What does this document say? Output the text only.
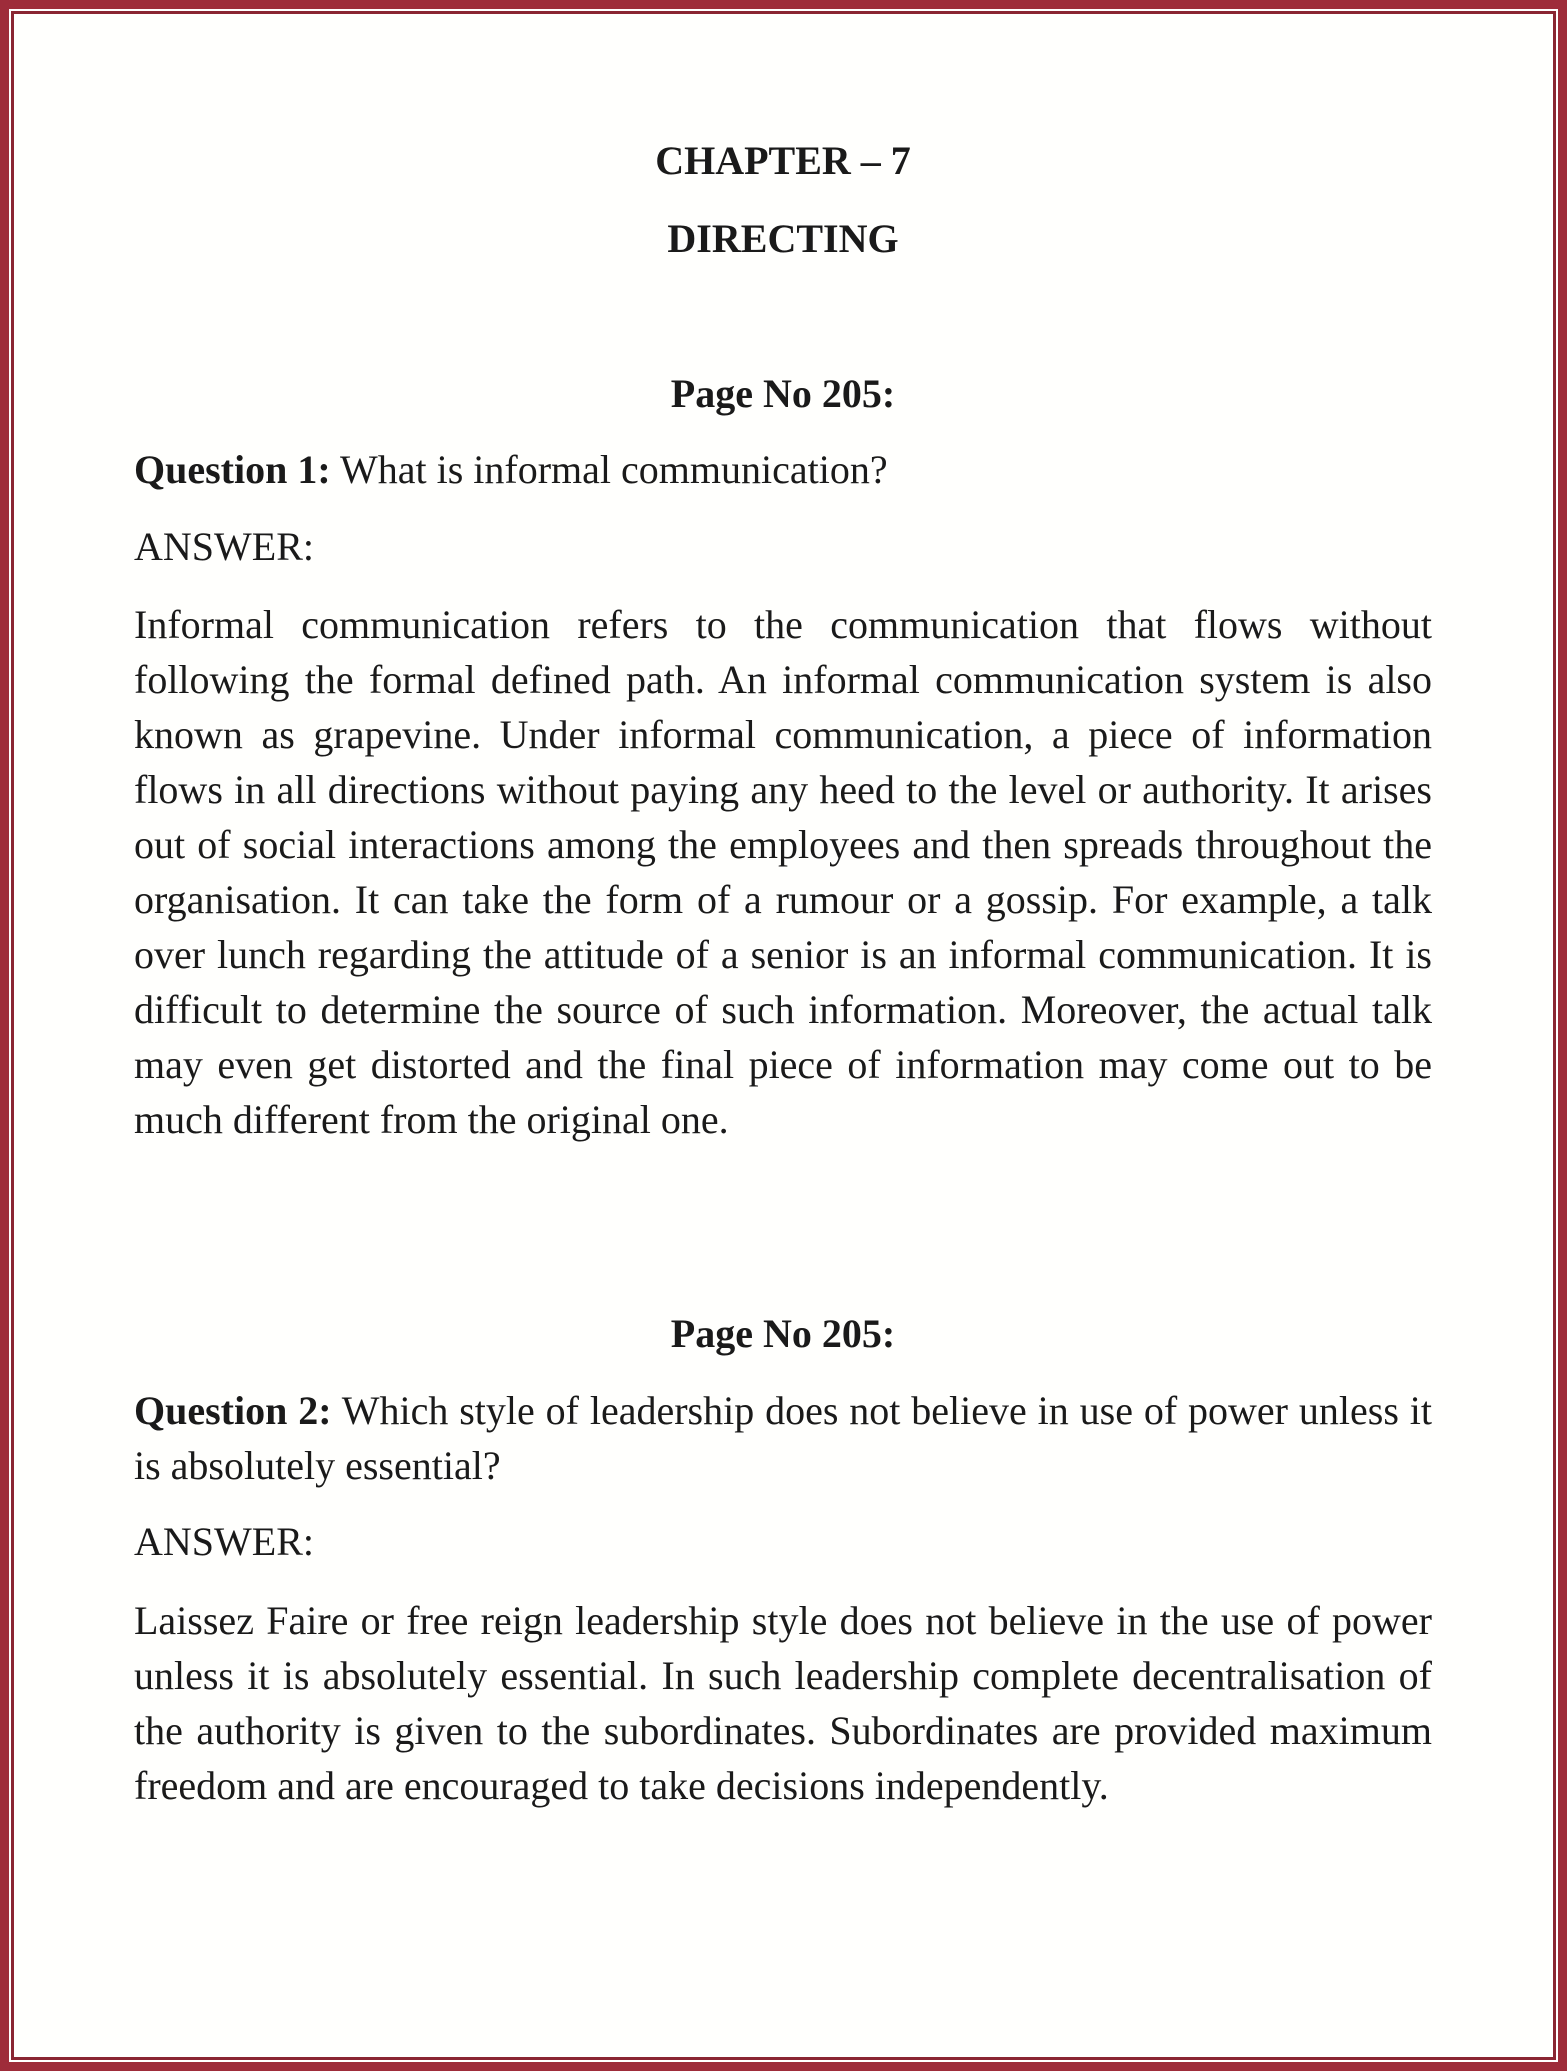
CHAPTER – 7
DIRECTING
Page No 205:
Question 1: What is informal communication?
ANSWER:
Informal communication refers to the communication that flows without following the formal defined path. An informal communication system is also known as grapevine. Under informal communication, a piece of information flows in all directions without paying any heed to the level or authority. It arises out of social interactions among the employees and then spreads throughout the organisation. It can take the form of a rumour or a gossip. For example, a talk over lunch regarding the attitude of a senior is an informal communication. It is difficult to determine the source of such information. Moreover, the actual talk may even get distorted and the final piece of information may come out to be much different from the original one.
Page No 205:
Question 2: Which style of leadership does not believe in use of power unless it is absolutely essential?
ANSWER:
Laissez Faire or free reign leadership style does not believe in the use of power unless it is absolutely essential. In such leadership complete decentralisation of the authority is given to the subordinates. Subordinates are provided maximum freedom and are encouraged to take decisions independently.
